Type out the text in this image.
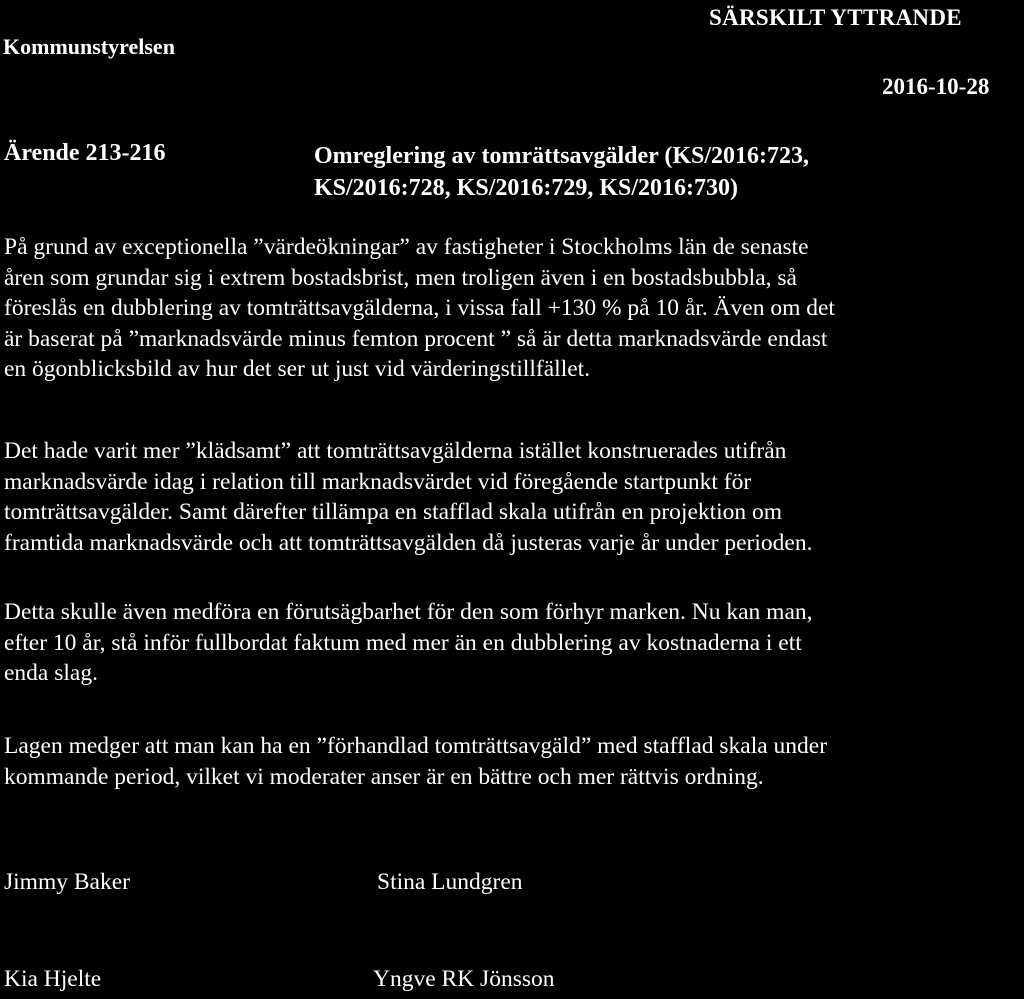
Kommunstyrelsen
SÄRSKILT YTTRANDE
2016-10-28
Ärende 213-216	Omreglering av tomrättsavgälder (KS/2016:723,
KS/2016:728, KS/2016:729, KS/2016:730)
På grund av exceptionella ”värdeökningar” av fastigheter i Stockholms län de senaste
åren som grundar sig i extrem bostadsbrist, men troligen även i en bostadsbubbla, så
föreslås en dubblering av tomträttsavgälderna, i vissa fall +130 % på 10 år. Även om det
är baserat på ”marknadsvärde minus femton procent ” så är detta marknadsvärde endast
en ögonblicksbild av hur det ser ut just vid värderingstillfället.
Det hade varit mer ”klädsamt” att tomträttsavgälderna istället konstruerades utifrån
marknadsvärde idag i relation till marknadsvärdet vid föregående startpunkt för
tomträttsavgälder. Samt därefter tillämpa en stafflad skala utifrån en projektion om
framtida marknadsvärde och att tomträttsavgälden då justeras varje år under perioden.
Detta skulle även medföra en förutsägbarhet för den som förhyr marken. Nu kan man,
efter 10 år, stå inför fullbordat faktum med mer än en dubblering av kostnaderna i ett
enda slag.
Lagen medger att man kan ha en ”förhandlad tomträttsavgäld” med stafflad skala under
kommande period, vilket vi moderater anser är en bättre och mer rättvis ordning.
Jimmy Baker	Stina Lundgren
Kia Hjelte	Yngve RK Jönsson
